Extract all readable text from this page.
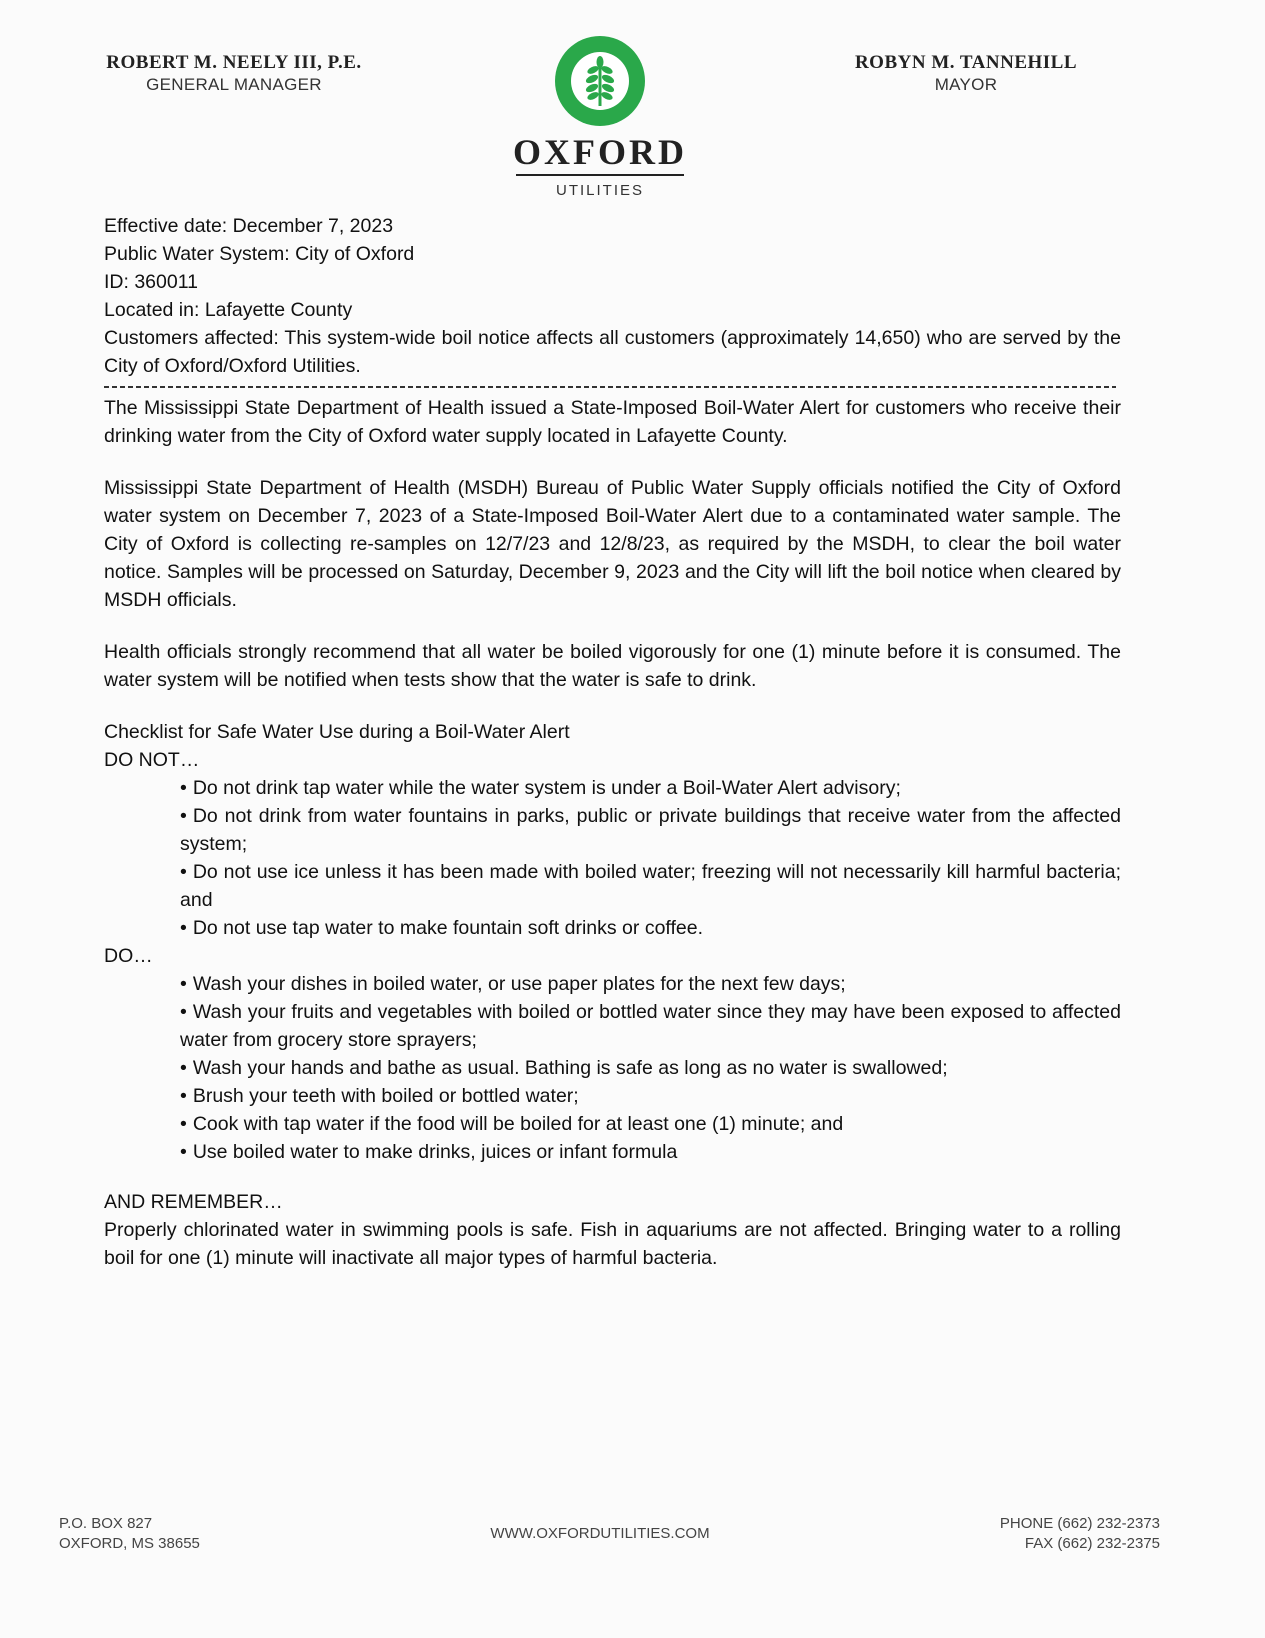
ROBERT M. NEELY III, P.E.
GENERAL MANAGER
OXFORD
UTILITIES
ROBYN M. TANNEHILL
MAYOR

Effective date: December 7, 2023

Public Water System: City of Oxford

ID: 360011

Located in: Lafayette County

Customers affected: This system-wide boil notice affects all customers (approximately 14,650) who are served by the City of Oxford/Oxford Utilities.

The Mississippi State Department of Health issued a State-Imposed Boil-Water Alert for customers who receive their drinking water from the City of Oxford water supply located in Lafayette County.

Mississippi State Department of Health (MSDH) Bureau of Public Water Supply officials notified the City of Oxford water system on December 7, 2023 of a State-Imposed Boil-Water Alert due to a contaminated water sample. The City of Oxford is collecting re-samples on 12/7/23 and 12/8/23, as required by the MSDH, to clear the boil water notice. Samples will be processed on Saturday, December 9, 2023 and the City will lift the boil notice when cleared by MSDH officials.

Health officials strongly recommend that all water be boiled vigorously for one (1) minute before it is consumed. The water system will be notified when tests show that the water is safe to drink.

Checklist for Safe Water Use during a Boil-Water Alert

DO NOT…

• Do not drink tap water while the water system is under a Boil-Water Alert advisory;
• Do not drink from water fountains in parks, public or private buildings that receive water from the affected system;
• Do not use ice unless it has been made with boiled water; freezing will not necessarily kill harmful bacteria; and
• Do not use tap water to make fountain soft drinks or coffee.

DO…

• Wash your dishes in boiled water, or use paper plates for the next few days;
• Wash your fruits and vegetables with boiled or bottled water since they may have been exposed to affected water from grocery store sprayers;
• Wash your hands and bathe as usual. Bathing is safe as long as no water is swallowed;
• Brush your teeth with boiled or bottled water;
• Cook with tap water if the food will be boiled for at least one (1) minute; and
• Use boiled water to make drinks, juices or infant formula

AND REMEMBER…

Properly chlorinated water in swimming pools is safe. Fish in aquariums are not affected. Bringing water to a rolling boil for one (1) minute will inactivate all major types of harmful bacteria.

P.O. BOX 827
OXFORD, MS 38655
WWW.OXFORDUTILITIES.COM
PHONE (662) 232-2373
FAX (662) 232-2375
